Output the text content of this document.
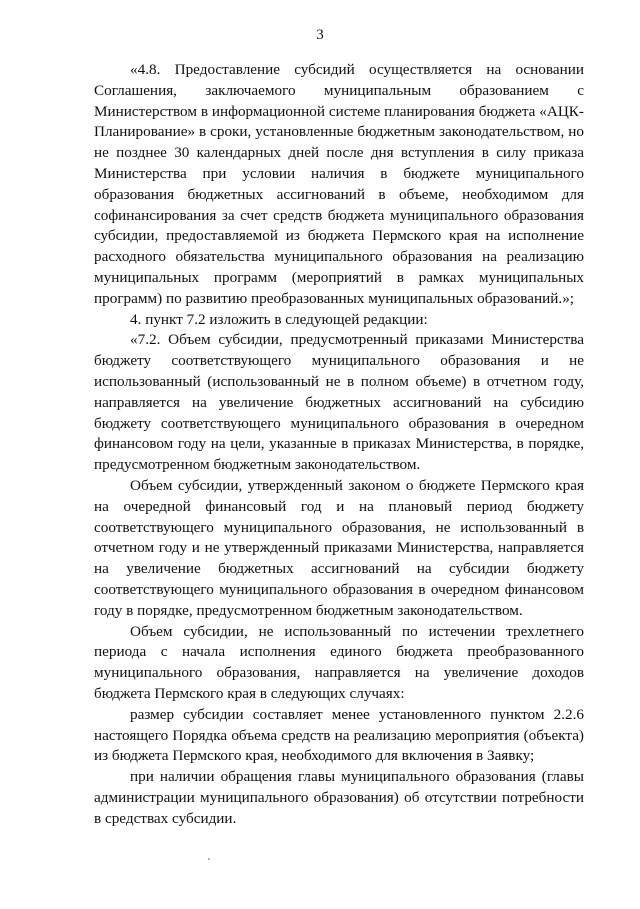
3

«4.8. Предоставление субсидий осуществляется на основании Соглашения, заключаемого муниципальным образованием с Министерством в информационной системе планирования бюджета «АЦК-Планирование» в сроки, установленные бюджетным законодательством, но не позднее 30 календарных дней после дня вступления в силу приказа Министерства при условии наличия в бюджете муниципального образования бюджетных ассигнований в объеме, необходимом для софинансирования за счет средств бюджета муниципального образования субсидии, предоставляемой из бюджета Пермского края на исполнение расходного обязательства муниципального образования на реализацию муниципальных программ (мероприятий в рамках муниципальных программ) по развитию преобразованных муниципальных образований.»;

4. пункт 7.2 изложить в следующей редакции:

«7.2. Объем субсидии, предусмотренный приказами Министерства бюджету соответствующего муниципального образования и не использованный (использованный не в полном объеме) в отчетном году, направляется на увеличение бюджетных ассигнований на субсидию бюджету соответствующего муниципального образования в очередном финансовом году на цели, указанные в приказах Министерства, в порядке, предусмотренном бюджетным законодательством.

Объем субсидии, утвержденный законом о бюджете Пермского края на очередной финансовый год и на плановый период бюджету соответствующего муниципального образования, не использованный в отчетном году и не утвержденный приказами Министерства, направляется на увеличение бюджетных ассигнований на субсидии бюджету соответствующего муниципального образования в очередном финансовом году в порядке, предусмотренном бюджетным законодательством.

Объем субсидии, не использованный по истечении трехлетнего периода с начала исполнения единого бюджета преобразованного муниципального образования, направляется на увеличение доходов бюджета Пермского края в следующих случаях:

размер субсидии составляет менее установленного пунктом 2.2.6 настоящего Порядка объема средств на реализацию мероприятия (объекта) из бюджета Пермского края, необходимого для включения в Заявку;

при наличии обращения главы муниципального образования (главы администрации муниципального образования) об отсутствии потребности в средствах субсидии.
